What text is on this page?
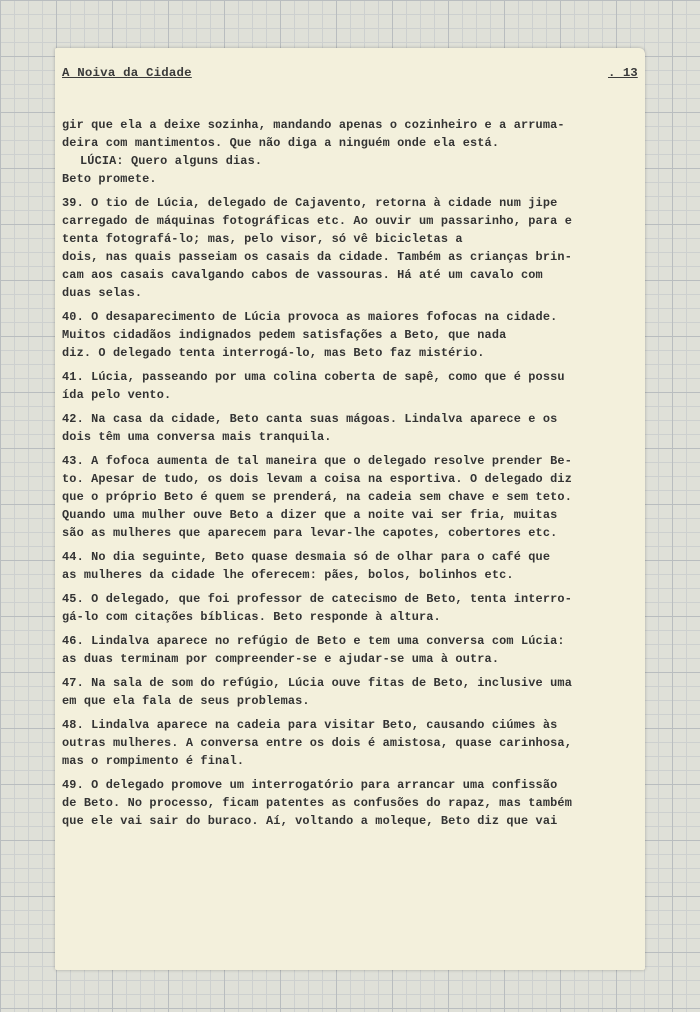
A Noiva da Cidade	. 13

gir que ela a deixe sozinha, mandando apenas o cozinheiro e a arruma-
deira com mantimentos. Que não diga a ninguém onde ela está.

LÚCIA: Quero alguns dias.

Beto promete.

39. O tio de Lúcia, delegado de Cajavento, retorna à cidade num jipe
carregado de máquinas fotográficas etc. Ao ouvir um passarinho, para e
tenta fotografá-lo; mas, pelo visor, só vê bicicletas a
dois, nas quais passeiam os casais da cidade. Também as crianças brin-
cam aos casais cavalgando cabos de vassouras. Há até um cavalo com
duas selas.

40. O desaparecimento de Lúcia provoca as maiores fofocas na cidade.
Muitos cidadãos indignados pedem satisfações a Beto, que nada
diz. O delegado tenta interrogá-lo, mas Beto faz mistério.

41. Lúcia, passeando por uma colina coberta de sapê, como que é possu
ída pelo vento.

42. Na casa da cidade, Beto canta suas mágoas. Lindalva aparece e os
dois têm uma conversa mais tranquila.

43. A fofoca aumenta de tal maneira que o delegado resolve prender Be-
to. Apesar de tudo, os dois levam a coisa na esportiva. O delegado diz
que o próprio Beto é quem se prenderá, na cadeia sem chave e sem teto.
Quando uma mulher ouve Beto a dizer que a noite vai ser fria, muitas
são as mulheres que aparecem para levar-lhe capotes, cobertores etc.

44. No dia seguinte, Beto quase desmaia só de olhar para o café que
as mulheres da cidade lhe oferecem: pães, bolos, bolinhos etc.

45. O delegado, que foi professor de catecismo de Beto, tenta interro-
gá-lo com citações bíblicas. Beto responde à altura.

46. Lindalva aparece no refúgio de Beto e tem uma conversa com Lúcia:
as duas terminam por compreender-se e ajudar-se uma à outra.

47. Na sala de som do refúgio, Lúcia ouve fitas de Beto, inclusive uma
em que ela fala de seus problemas.

48. Lindalva aparece na cadeia para visitar Beto, causando ciúmes às
outras mulheres. A conversa entre os dois é amistosa, quase carinhosa,
mas o rompimento é final.

49. O delegado promove um interrogatório para arrancar uma confissão
de Beto. No processo, ficam patentes as confusões do rapaz, mas também
que ele vai sair do buraco. Aí, voltando a moleque, Beto diz que vai
